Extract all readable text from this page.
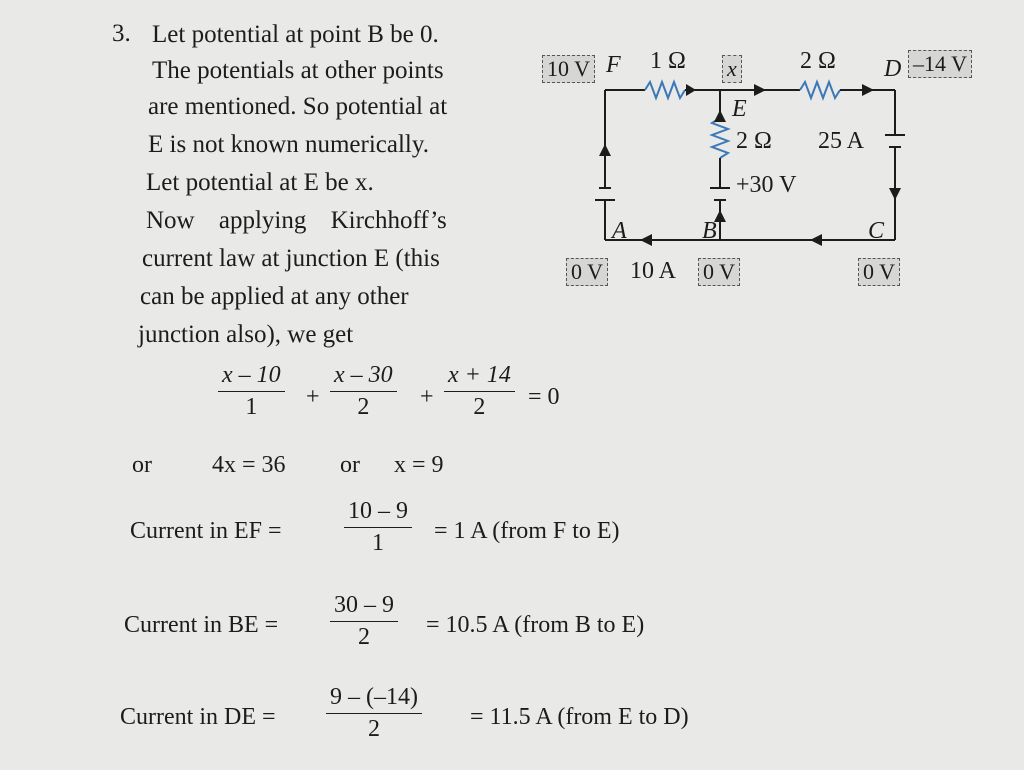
3. Let potential at point B be 0.
The potentials at other points
are mentioned. So potential at
E is not known numerically.
Let potential at E be x.
Now applying Kirchhoff’s
current law at junction E (this
can be applied at any other
junction also), we get
10 V F 1 Ω x	2 Ω D –14 V
E
2 Ω 25 A
+30 V
A	B	C
0 V 10 A 0 V	0 V
x – 10
1	+
x – 30
2	+
x + 14
2	= 0
or	4x = 36 or x = 9
Current in EF =
10 – 9
1	= 1 A (from F to E)
Current in BE =
30 – 9
2	= 10.5 A (from B to E)
Current in DE =
9 – (–14)
2	= 11.5 A (from E to D)
